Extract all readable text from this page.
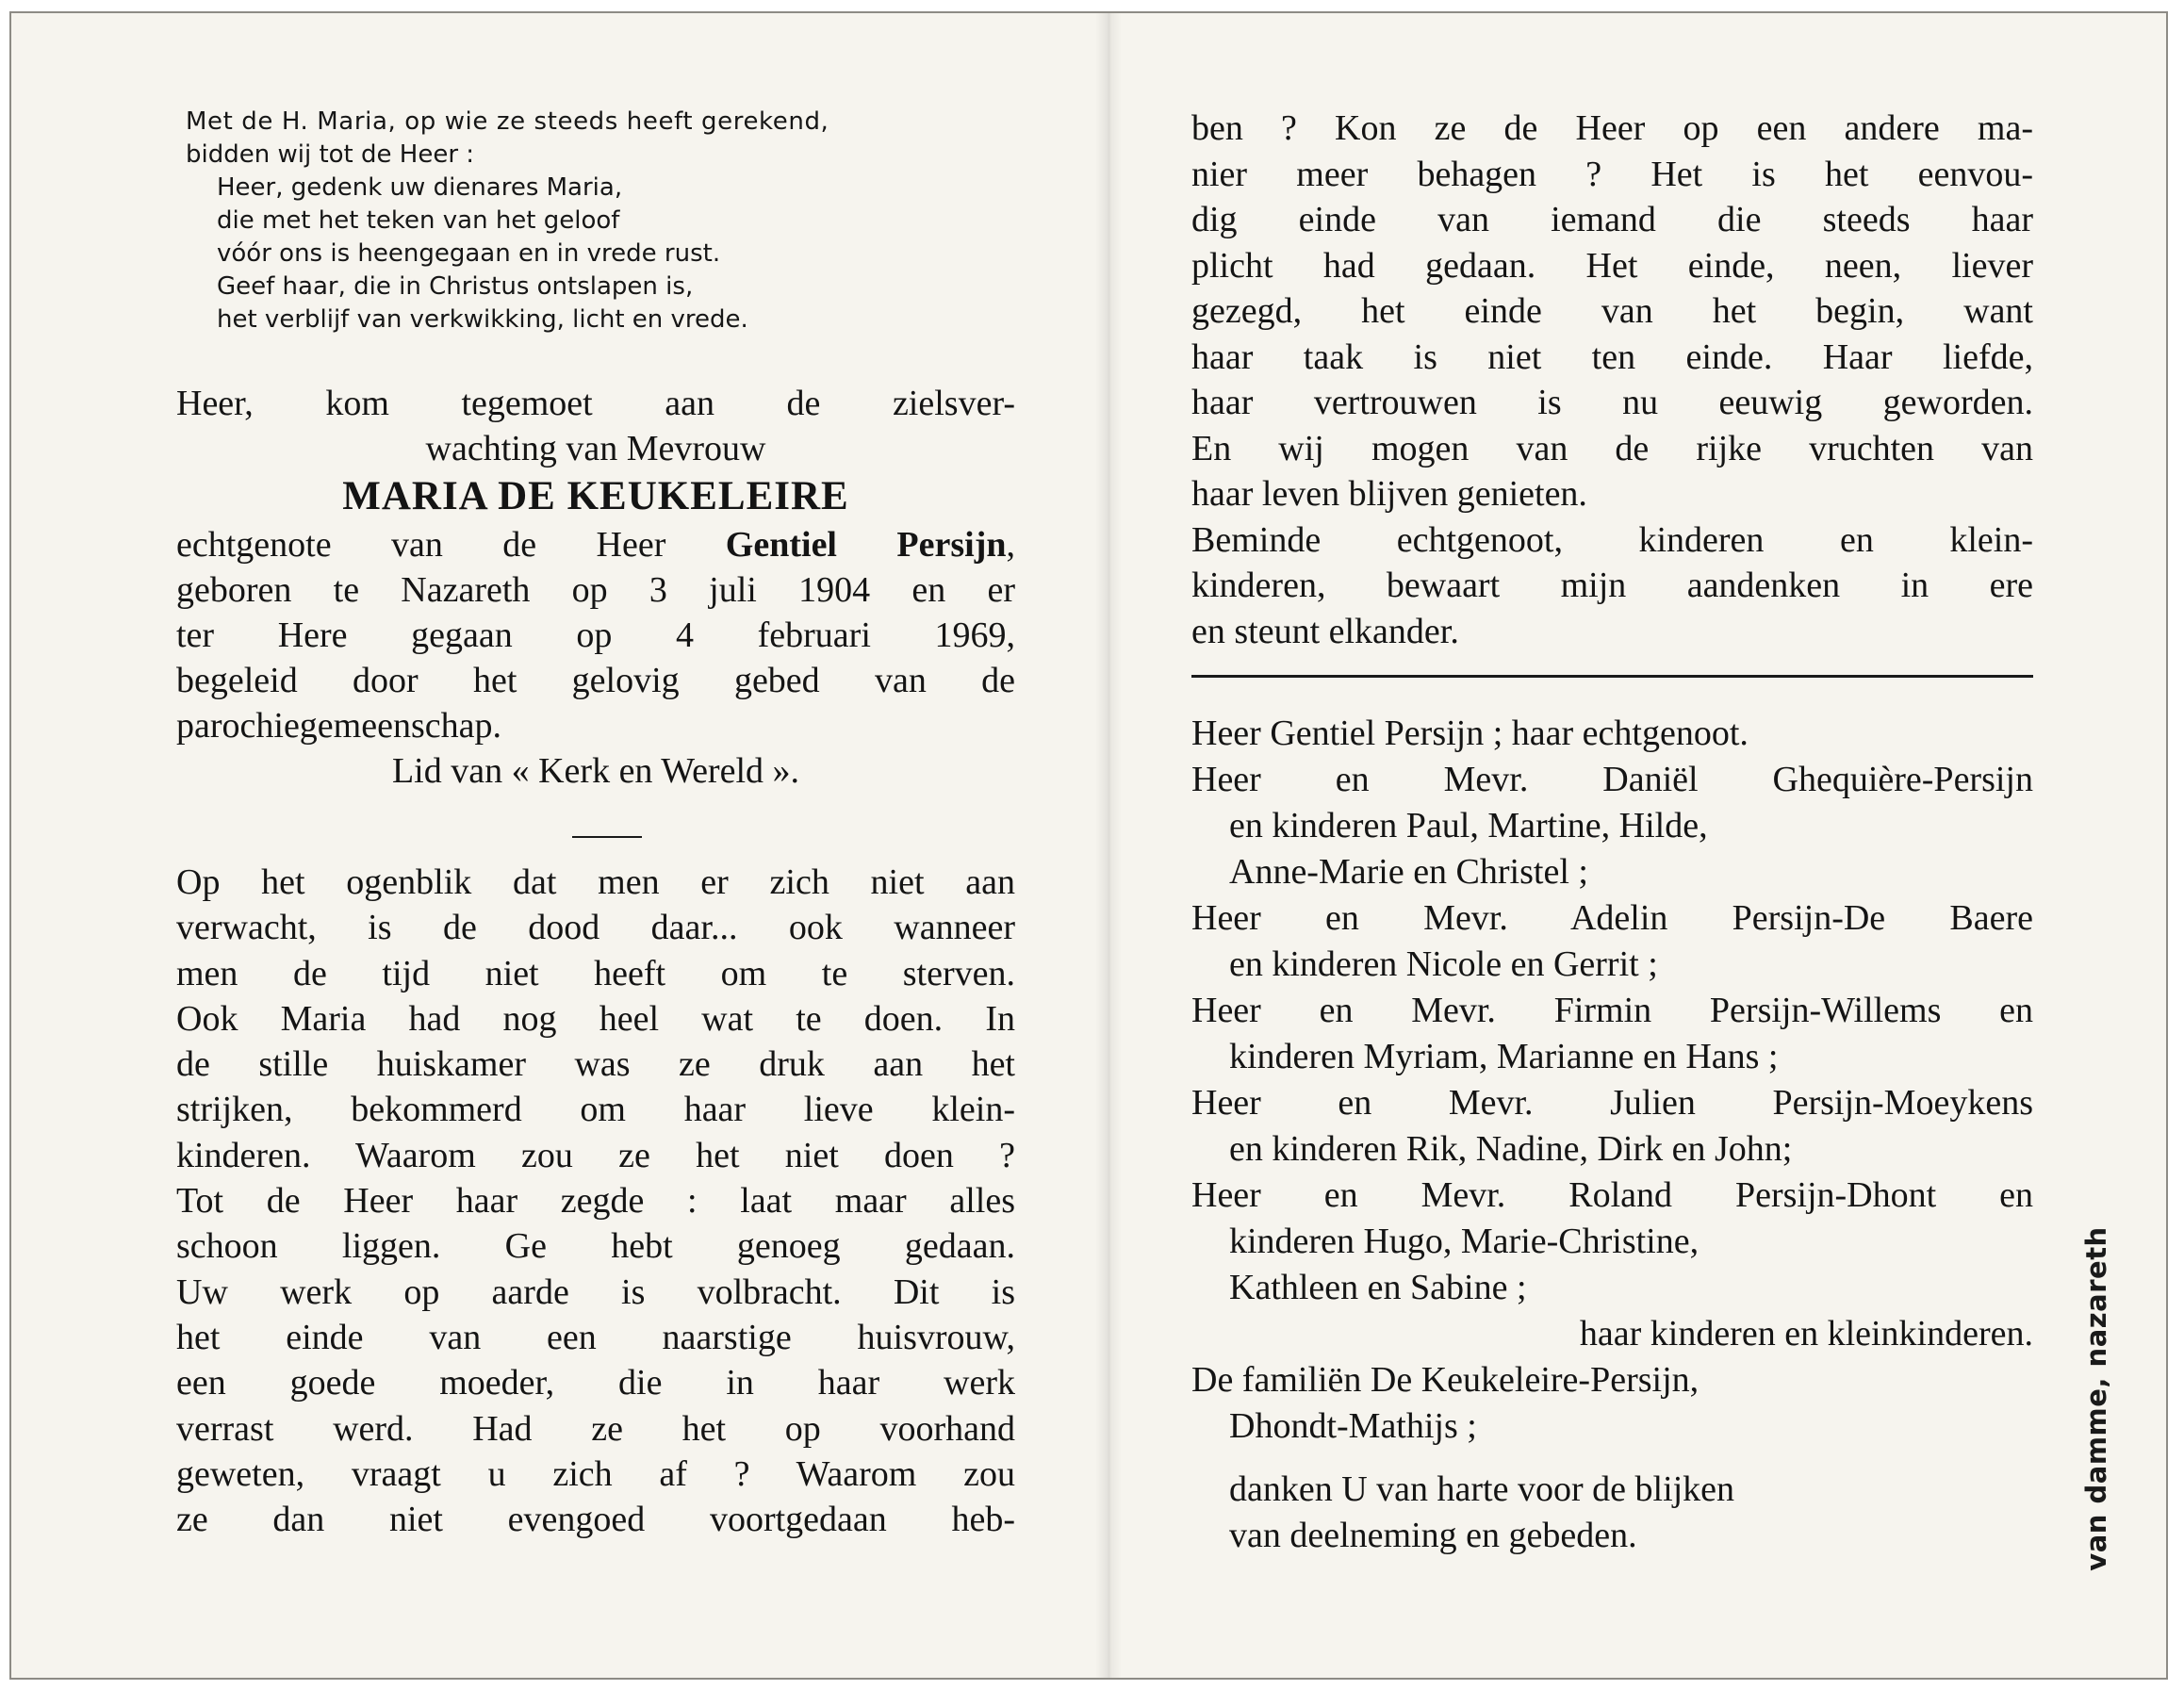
Met de H. Maria, op wie ze steeds heeft gerekend,
bidden wij tot de Heer :
Heer, gedenk uw dienares Maria,
die met het teken van het geloof
vóór ons is heengegaan en in vrede rust.
Geef haar, die in Christus ontslapen is,
het verblijf van verkwikking, licht en vrede.
Heer, kom tegemoet aan de zielsver-
wachting van Mevrouw
MARIA DE KEUKELEIRE
echtgenote van de Heer Gentiel Persijn,
geboren te Nazareth op 3 juli 1904 en er
ter Here gegaan op 4 februari 1969,
begeleid door het gelovig gebed van de
parochiegemeenschap.
Lid van « Kerk en Wereld ».
Op het ogenblik dat men er zich niet aan
verwacht, is de dood daar... ook wanneer
men de tijd niet heeft om te sterven.
Ook Maria had nog heel wat te doen. In
de stille huiskamer was ze druk aan het
strijken, bekommerd om haar lieve klein-
kinderen. Waarom zou ze het niet doen ?
Tot de Heer haar zegde : laat maar alles
schoon liggen. Ge hebt genoeg gedaan.
Uw werk op aarde is volbracht. Dit is
het einde van een naarstige huisvrouw,
een goede moeder, die in haar werk
verrast werd. Had ze het op voorhand
geweten, vraagt u zich af ? Waarom zou
ze dan niet evengoed voortgedaan heb-
ben ? Kon ze de Heer op een andere ma-
nier meer behagen ? Het is het eenvou-
dig einde van iemand die steeds haar
plicht had gedaan. Het einde, neen, liever
gezegd, het einde van het begin, want
haar taak is niet ten einde. Haar liefde,
haar vertrouwen is nu eeuwig geworden.
En wij mogen van de rijke vruchten van
haar leven blijven genieten.
Beminde echtgenoot, kinderen en klein-
kinderen, bewaart mijn aandenken in ere
en steunt elkander.
Heer Gentiel Persijn ; haar echtgenoot.
Heer en Mevr. Daniël Ghequière-Persijn
en kinderen Paul, Martine, Hilde,
Anne-Marie en Christel ;
Heer en Mevr. Adelin Persijn-De Baere
en kinderen Nicole en Gerrit ;
Heer en Mevr. Firmin Persijn-Willems en
kinderen Myriam, Marianne en Hans ;
Heer en Mevr. Julien Persijn-Moeykens
en kinderen Rik, Nadine, Dirk en John;
Heer en Mevr. Roland Persijn-Dhont en
kinderen Hugo, Marie-Christine,
Kathleen en Sabine ;
haar kinderen en kleinkinderen.
De familiën De Keukeleire-Persijn,
Dhondt-Mathijs ;
danken U van harte voor de blijken
van deelneming en gebeden.	van damme, nazareth
